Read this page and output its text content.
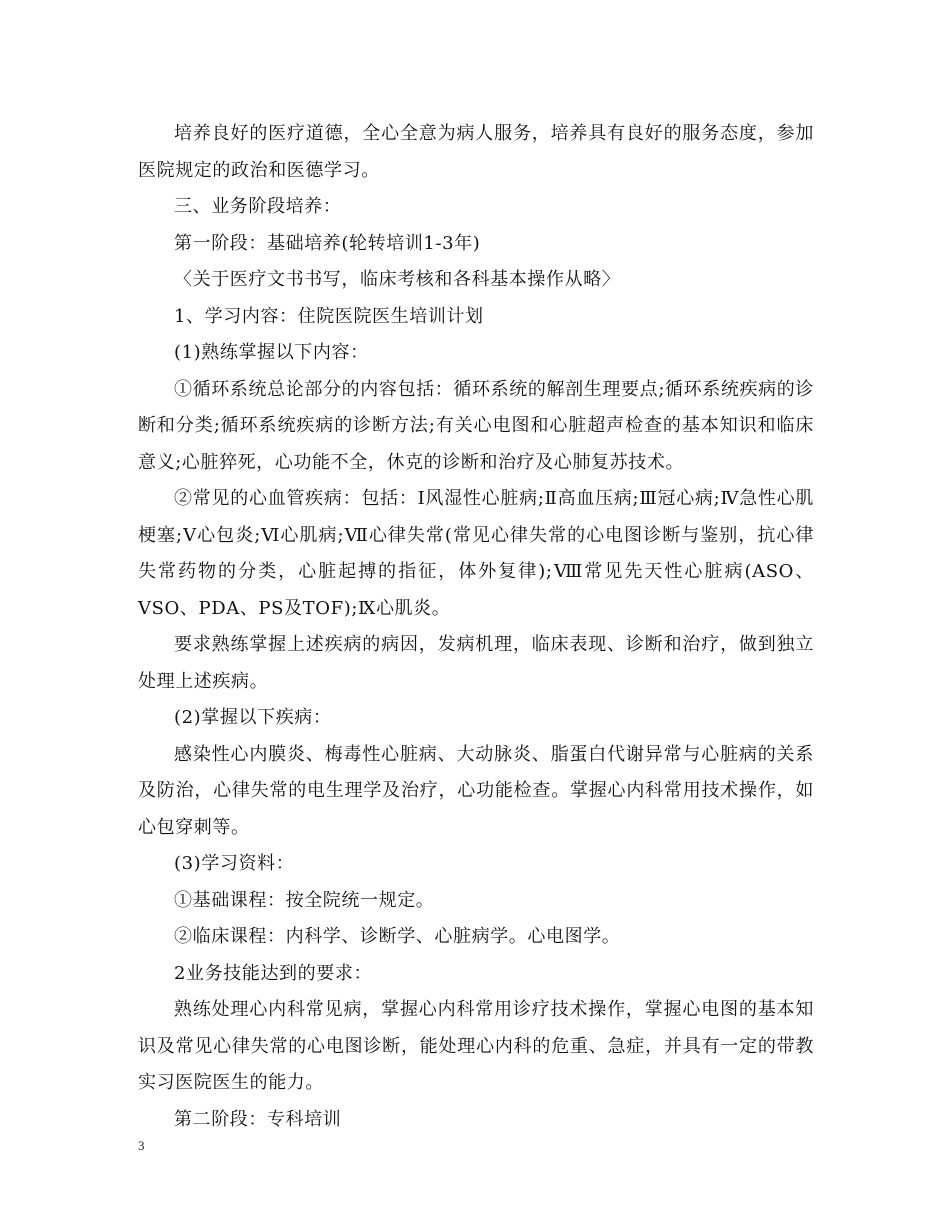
培养良好的医疗道德，全心全意为病人服务，培养具有良好的服务态度，参加医院规定的政治和医德学习。

三、业务阶段培养：

第一阶段：基础培养(轮转培训1-3年)

〈关于医疗文书书写，临床考核和各科基本操作从略〉

1、学习内容：住院医院医生培训计划

(1)熟练掌握以下内容：

①循环系统总论部分的内容包括：循环系统的解剖生理要点;循环系统疾病的诊断和分类;循环系统疾病的诊断方法;有关心电图和心脏超声检查的基本知识和临床意义;心脏猝死，心功能不全，休克的诊断和治疗及心肺复苏技术。

②常见的心血管疾病：包括：Ⅰ风湿性心脏病;Ⅱ高血压病;Ⅲ冠心病;Ⅳ急性心肌梗塞;Ⅴ心包炎;Ⅵ心肌病;Ⅶ心律失常(常见心律失常的心电图诊断与鉴别，抗心律失常药物的分类，心脏起搏的指征，体外复律);Ⅷ常见先天性心脏病(ASO、VSO、PDA、PS及TOF);Ⅸ心肌炎。

要求熟练掌握上述疾病的病因，发病机理，临床表现、诊断和治疗，做到独立处理上述疾病。

(2)掌握以下疾病：

感染性心内膜炎、梅毒性心脏病、大动脉炎、脂蛋白代谢异常与心脏病的关系及防治，心律失常的电生理学及治疗，心功能检查。掌握心内科常用技术操作，如心包穿刺等。

(3)学习资料：

①基础课程：按全院统一规定。

②临床课程：内科学、诊断学、心脏病学。心电图学。

2业务技能达到的要求：

熟练处理心内科常见病，掌握心内科常用诊疗技术操作，掌握心电图的基本知识及常见心律失常的心电图诊断，能处理心内科的危重、急症，并具有一定的带教实习医院医生的能力。

第二阶段：专科培训

3
